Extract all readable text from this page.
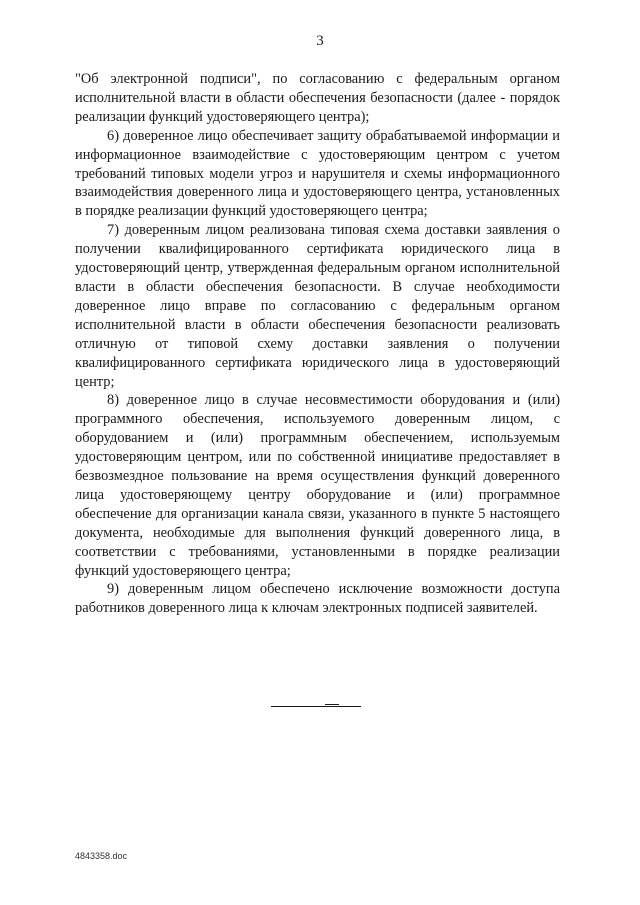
3

"Об электронной подписи", по согласованию с федеральным органом исполнительной власти в области обеспечения безопасности (далее - порядок реализации функций удостоверяющего центра);

6) доверенное лицо обеспечивает защиту обрабатываемой информации и информационное взаимодействие с удостоверяющим центром с учетом требований типовых модели угроз и нарушителя и схемы информационного взаимодействия доверенного лица и удостоверяющего центра, установленных в порядке реализации функций удостоверяющего центра;

7) доверенным лицом реализована типовая схема доставки заявления о получении квалифицированного сертификата юридического лица в удостоверяющий центр, утвержденная федеральным органом исполнительной власти в области обеспечения безопасности. В случае необходимости доверенное лицо вправе по согласованию с федеральным органом исполнительной власти в области обеспечения безопасности реализовать отличную от типовой схему доставки заявления о получении квалифицированного сертификата юридического лица в удостоверяющий центр;

8) доверенное лицо в случае несовместимости оборудования и (или) программного обеспечения, используемого доверенным лицом, с оборудованием и (или) программным обеспечением, используемым удостоверяющим центром, или по собственной инициативе предоставляет в безвозмездное пользование на время осуществления функций доверенного лица удостоверяющему центру оборудование и (или) программное обеспечение для организации канала связи, указанного в пункте 5 настоящего документа, необходимые для выполнения функций доверенного лица, в соответствии с требованиями, установленными в порядке реализации функций удостоверяющего центра;

9) доверенным лицом обеспечено исключение возможности доступа работников доверенного лица к ключам электронных подписей заявителей.

4843358.doc
